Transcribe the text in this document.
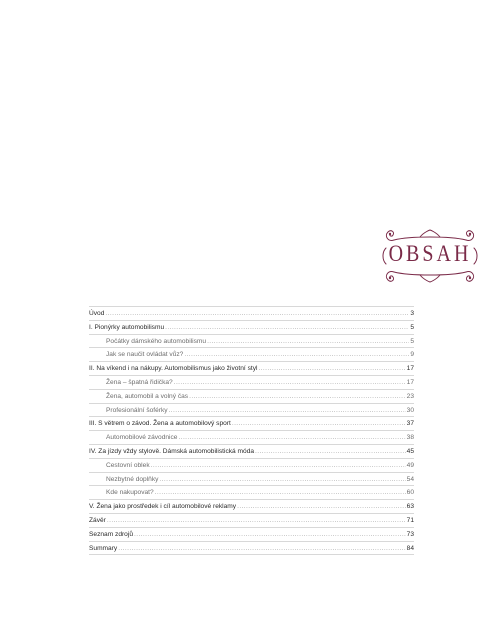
OBSAH
Úvod .....	3
I. Pionýrky automobilismu .....	5
Počátky dámského automobilismu .....	5
Jak se naučit ovládat vůz? .....	9
II. Na víkend i na nákupy. Automobilismus jako životní styl .....	17
Žena – špatná řidička? .....	17
Žena, automobil a volný čas .....	23
Profesionální šoférky .....	30
III. S větrem o závod. Žena a automobilový sport .....	37
Automobilové závodnice .....	38
IV. Za jízdy vždy stylově. Dámská automobilistická móda .....	45
Cestovní oblek .....	49
Nezbytné doplňky .....	54
Kde nakupovat? .....	60
V. Žena jako prostředek i cíl automobilové reklamy .....	63
Závěr .....	71
Seznam zdrojů .....	73
Summary .....	84
